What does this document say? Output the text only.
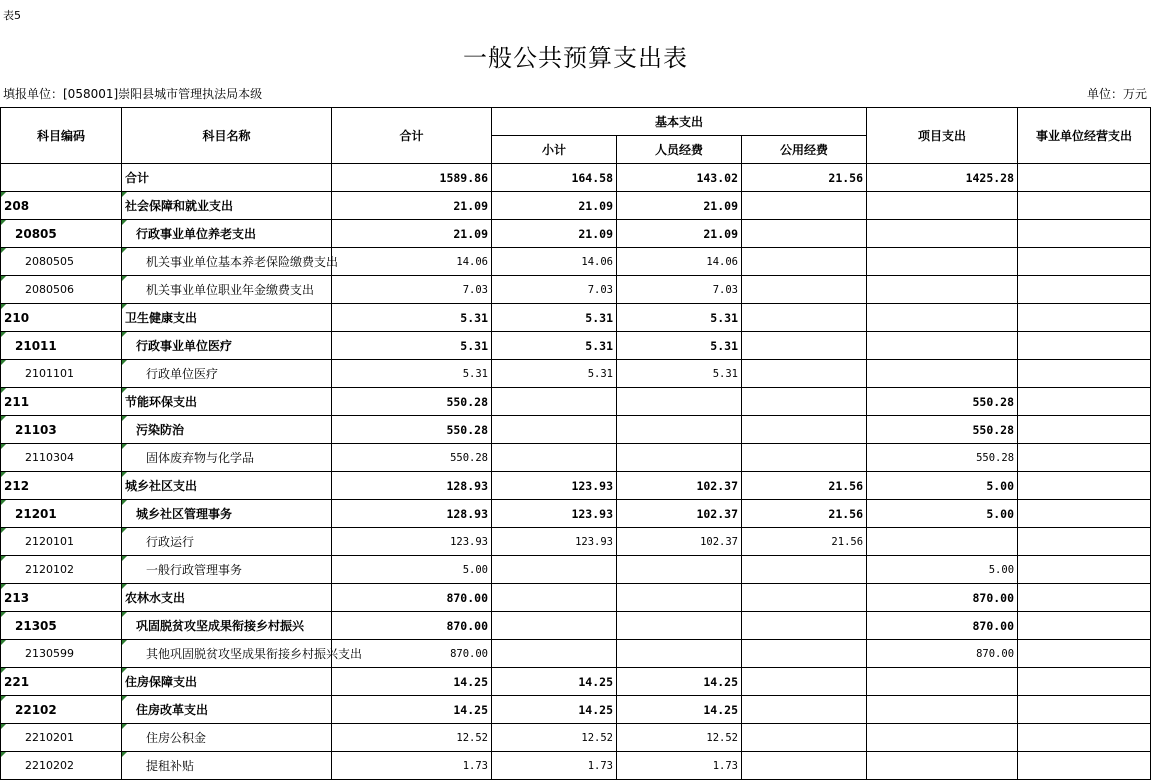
表5
一般公共预算支出表
填报单位：[058001]崇阳县城市管理执法局本级	单位：万元
科目编码	科目名称	合计	基本支出			项目支出	事业单位经营支出
			小计	人员经费	公用经费		
	合计	1589.86	164.58	143.02	21.56	1425.28	
208	社会保障和就业支出	21.09	21.09	21.09			
20805	行政事业单位养老支出	21.09	21.09	21.09			
2080505	机关事业单位基本养老保险缴费支出	14.06	14.06	14.06			
2080506	机关事业单位职业年金缴费支出	7.03	7.03	7.03			
210	卫生健康支出	5.31	5.31	5.31			
21011	行政事业单位医疗	5.31	5.31	5.31			
2101101	行政单位医疗	5.31	5.31	5.31			
211	节能环保支出	550.28				550.28	
21103	污染防治	550.28				550.28	
2110304	固体废弃物与化学品	550.28				550.28	
212	城乡社区支出	128.93	123.93	102.37	21.56	5.00	
21201	城乡社区管理事务	128.93	123.93	102.37	21.56	5.00	
2120101	行政运行	123.93	123.93	102.37	21.56		
2120102	一般行政管理事务	5.00				5.00	
213	农林水支出	870.00				870.00	
21305	巩固脱贫攻坚成果衔接乡村振兴	870.00				870.00	
2130599	其他巩固脱贫攻坚成果衔接乡村振兴支出	870.00				870.00	
221	住房保障支出	14.25	14.25	14.25			
22102	住房改革支出	14.25	14.25	14.25			
2210201	住房公积金	12.52	12.52	12.52			
2210202	提租补贴	1.73	1.73	1.73			
